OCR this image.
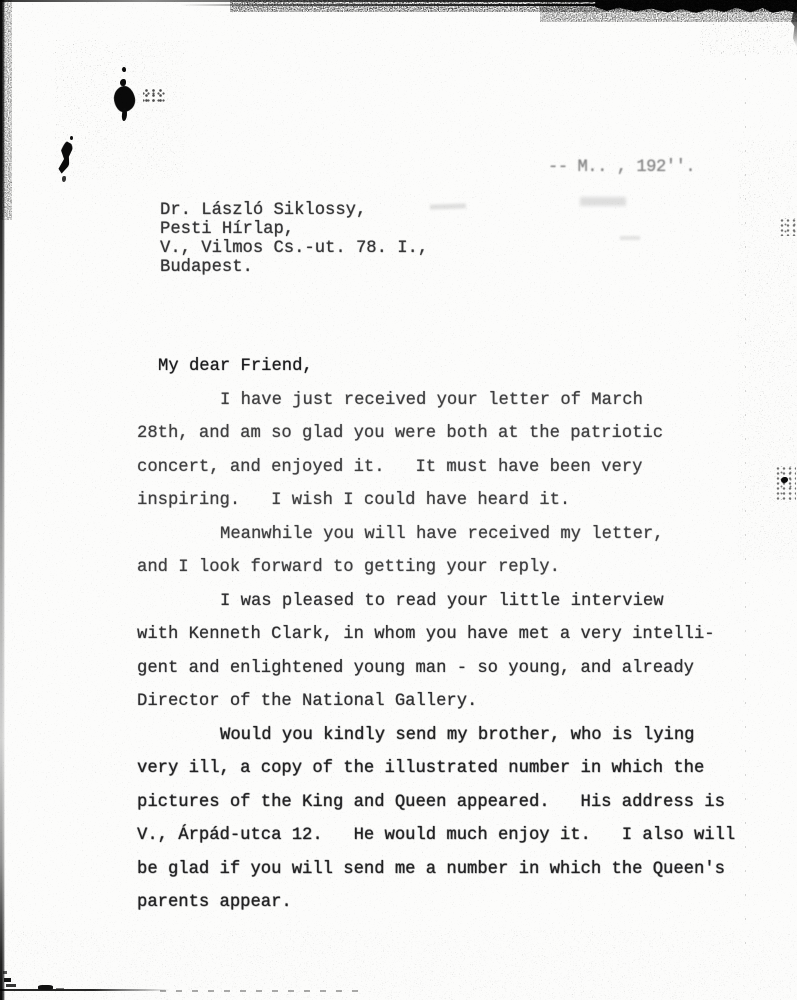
-- M.. , 192''.
Dr. László Siklossy,
Pesti Hírlap,
V., Vilmos Cs.-ut. 78. I.,
Budapest.
My dear Friend,
I have just received your letter of March
28th, and am so glad you were both at the patriotic
concert, and enjoyed it.   It must have been very
inspiring.   I wish I could have heard it.
Meanwhile you will have received my letter,
and I look forward to getting your reply.
I was pleased to read your little interview
with Kenneth Clark, in whom you have met a very intelli-
gent and enlightened young man - so young, and already
Director of the National Gallery.
Would you kindly send my brother, who is lying
very ill, a copy of the illustrated number in which the
pictures of the King and Queen appeared.   His address is
V., Árpád-utca 12.   He would much enjoy it.   I also will
be glad if you will send me a number in which the Queen's
parents appear.
